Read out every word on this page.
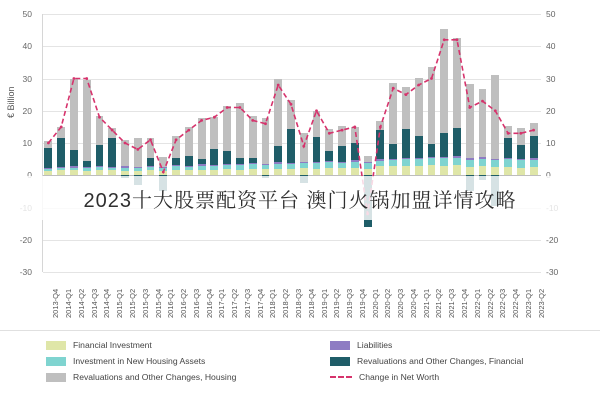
€ Billion
2013-Q4 2014-Q1 2014-Q2 2014-Q3 2014-Q4 2015-Q1 2015-Q2 2015-Q3 2015-Q4 2016-Q1 2016-Q2 2016-Q3 2016-Q4 2017-Q1 2017-Q2 2017-Q3 2017-Q4 2018-Q1 2018-Q2 2018-Q3 2018-Q4 2019-Q1 2019-Q2 2019-Q3 2019-Q4 2020-Q1 2020-Q2 2020-Q3 2020-Q4 2021-Q1 2021-Q2 2021-Q3 2021-Q4 2022-Q1 2022-Q2 2022-Q3 2022-Q4 2023-Q1 2023-Q2
-30	-30
-20	-20
10	10
20	20
30	30
40	40
50	50
Financial Investment	Liabilities
Investment in New Housing Assets	Revaluations and Other Changes, Financial
Revaluations and Other Changes, Housing	Change in Net Worth
2023十大股票配资平台 澳门火锅加盟详情攻略
